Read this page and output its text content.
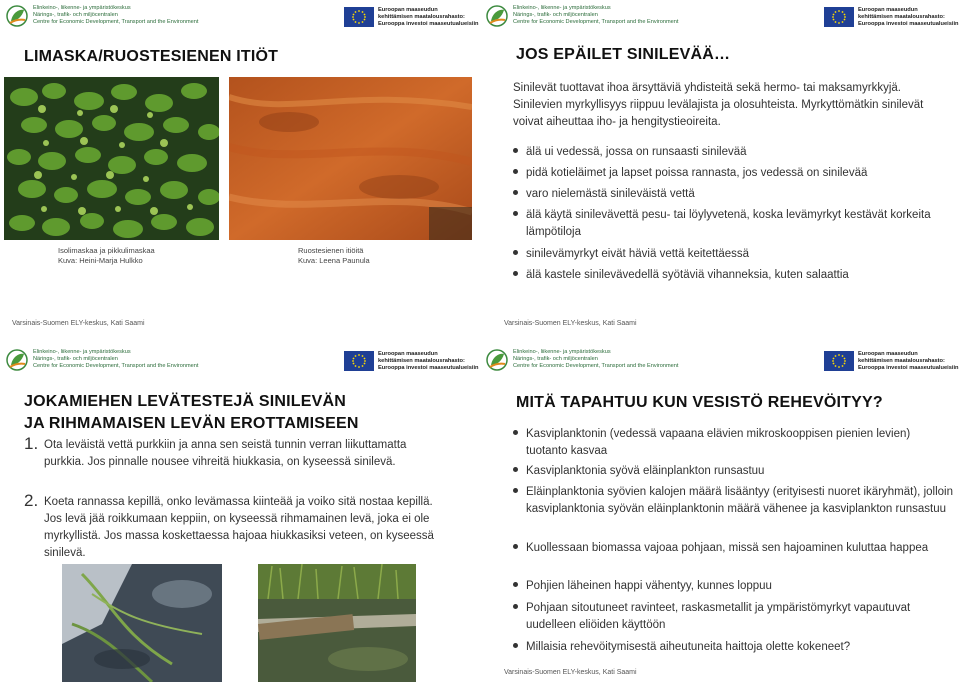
Elinkeino-, liikenne- ja ympäristökeskus
Närings-, trafik- och miljöcentralen
Centre for Economic Development, Transport and the Environment
Euroopan maaseudun
kehittämisen maatalousrahasto:
Eurooppa investoi maaseutualueisiin
LIMASKA/RUOSTESIENEN ITIÖT
Isolimaskaa ja pikkulimaskaa
Kuva: Heini-Marja Hulkko
Ruostesienen itiöitä
Kuva: Leena Paunula
Varsinais-Suomen ELY-keskus, Kati Saami
Elinkeino-, liikenne- ja ympäristökeskus
Närings-, trafik- och miljöcentralen
Centre for Economic Development, Transport and the Environment
Euroopan maaseudun
kehittämisen maatalousrahasto:
Eurooppa investoi maaseutualueisiin
JOS EPÄILET SINILEVÄÄ…
Sinilevät tuottavat ihoa ärsyttäviä yhdisteitä sekä hermo- tai maksamyrkkyjä. Sinilevien myrkyllisyys riippuu levälajista ja olosuhteista. Myrkyttömätkin sinilevät voivat aiheuttaa iho- ja hengitystieoireita.
älä ui vedessä, jossa on runsaasti sinilevää
pidä kotieläimet ja lapset poissa rannasta, jos vedessä on sinilevää
varo nielemästä sinileväistä vettä
älä käytä sinilevävettä pesu- tai löylyvetenä, koska levämyrkyt kestävät korkeita lämpötiloja
sinilevämyrkyt eivät häviä vettä keitettäessä
älä kastele sinilevävedellä syötäviä vihanneksia, kuten salaattia
Varsinais-Suomen ELY-keskus, Kati Saami
Elinkeino-, liikenne- ja ympäristökeskus
Närings-, trafik- och miljöcentralen
Centre for Economic Development, Transport and the Environment
Euroopan maaseudun
kehittämisen maatalousrahasto:
Eurooppa investoi maaseutualueisiin
JOKAMIEHEN LEVÄTESTEJÄ SINILEVÄN JA RIHMAMAISEN LEVÄN EROTTAMISEEN
1. Ota leväistä vettä purkkiin ja anna sen seistä tunnin verran liikuttamatta purkkia. Jos pinnalle nousee vihreitä hiukkasia, on kyseessä sinilevä.
2. Koeta rannassa kepillä, onko levämassa kiinteää ja voiko sitä nostaa kepillä. Jos levä jää roikkumaan keppiin, on kyseessä rihmamainen levä, joka ei ole myrkyllistä. Jos massa koskettaessa hajoaa hiukkasiksi veteen, on kyseessä sinilevä.
Elinkeino-, liikenne- ja ympäristökeskus
Närings-, trafik- och miljöcentralen
Centre for Economic Development, Transport and the Environment
Euroopan maaseudun
kehittämisen maatalousrahasto:
Eurooppa investoi maaseutualueisiin
MITÄ TAPAHTUU KUN VESISTÖ REHEVÖITYY?
Kasviplanktonin (vedessä vapaana elävien mikroskooppisen pienien levien) tuotanto kasvaa
Kasviplanktonia syövä eläinplankton runsastuu
Eläinplanktonia syövien kalojen määrä lisääntyy (erityisesti nuoret ikäryhmät), jolloin kasviplanktonia syövän eläinplanktonin määrä vähenee ja kasviplankton runsastuu
Kuollessaan biomassa vajoaa pohjaan, missä sen hajoaminen kuluttaa happea
Pohjien läheinen happi vähentyy, kunnes loppuu
Pohjaan sitoutuneet ravinteet, raskasmetallit ja ympäristömyrkyt vapautuvat uudelleen eliöiden käyttöön
Millaisia rehevöitymisestä aiheutuneita haittoja olette kokeneet?
Varsinais-Suomen ELY-keskus, Kati Saami
